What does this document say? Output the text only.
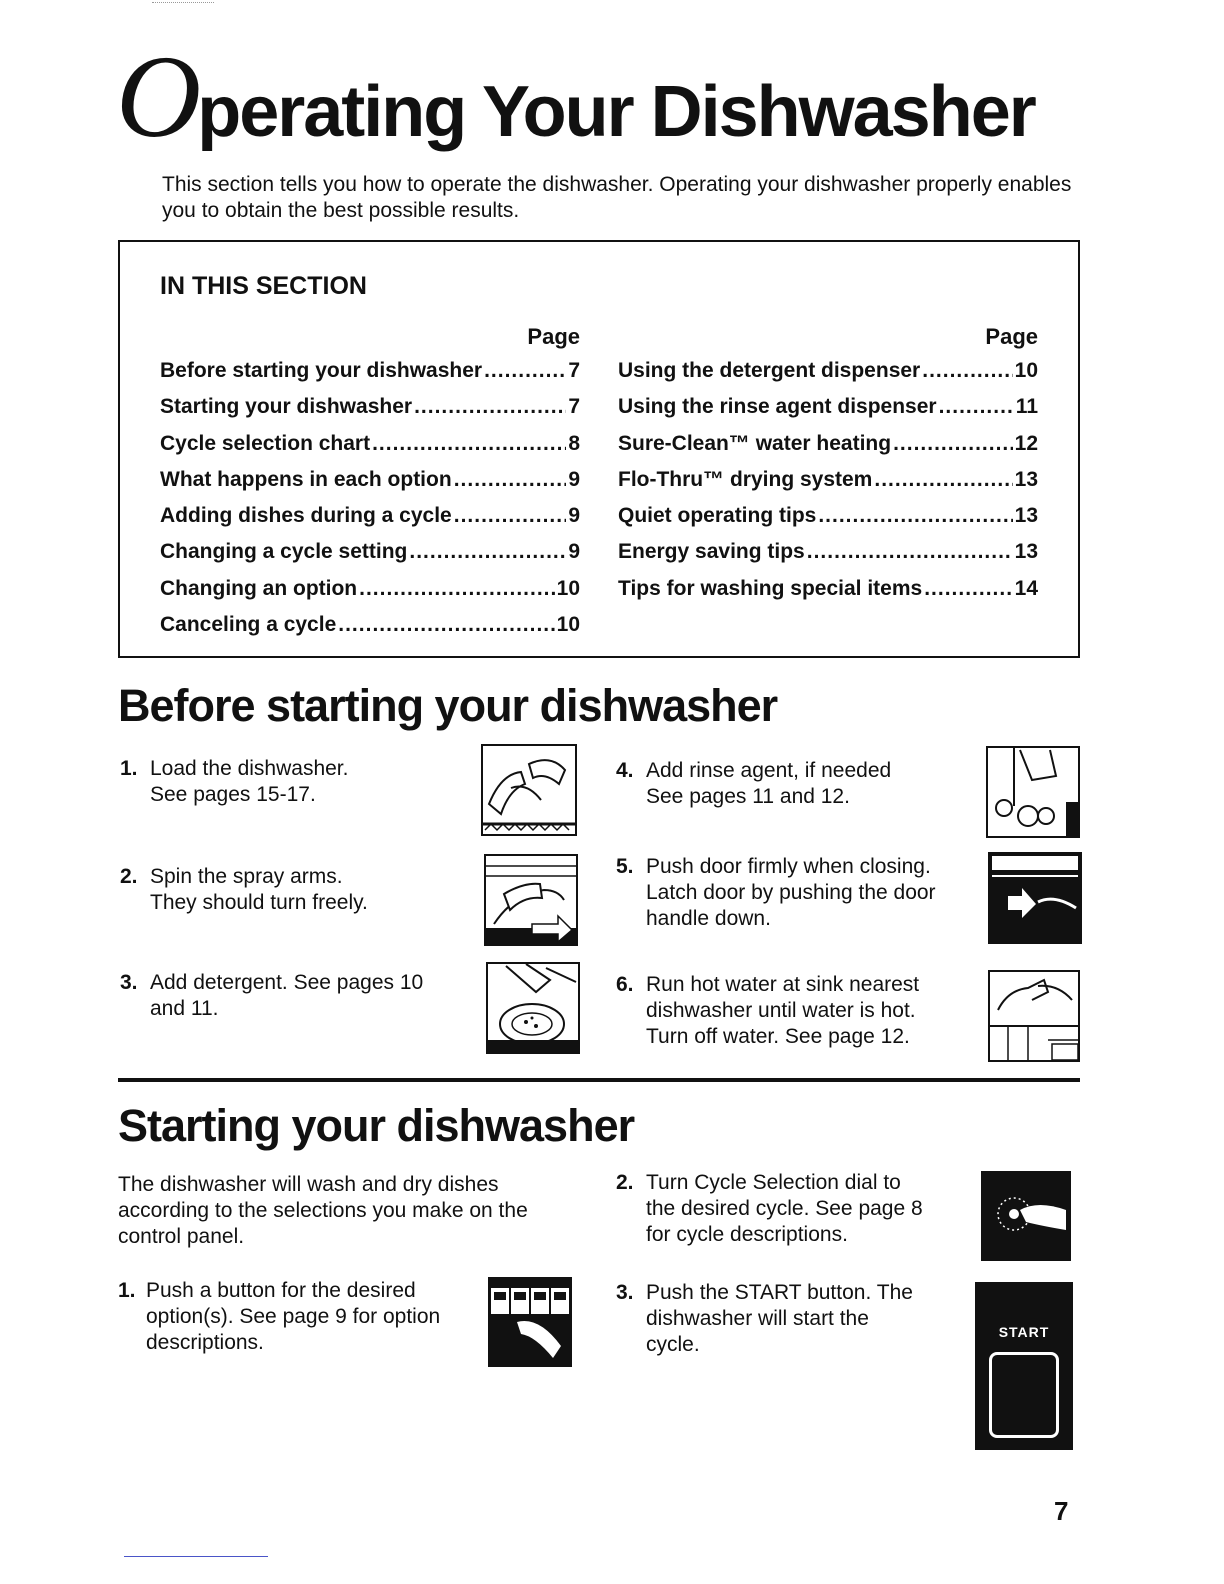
Operating Your Dishwasher
This section tells you how to operate the dishwasher. Operating your dishwasher properly enables you to obtain the best possible results.
IN THIS SECTION
Page
Before starting your dishwasher .....	7
Starting your dishwasher .....	7
Cycle selection chart .....	8
What happens in each option .....	9
Adding dishes during a cycle .....	9
Changing a cycle setting .....	9
Changing an option .....	10
Canceling a cycle .....	10
Page
Using the detergent dispenser .....	10
Using the rinse agent dispenser .....	11
Sure-Clean™ water heating .....	12
Flo-Thru™ drying system .....	13
Quiet operating tips .....	13
Energy saving tips .....	13
Tips for washing special items .....	14
Before starting your dishwasher
1. Load the dishwasher.
See pages 15-17.
2. Spin the spray arms.
They should turn freely.
3. Add detergent. See pages 10
and 11.
4. Add rinse agent, if needed
See pages 11 and 12.
5. Push door firmly when closing.
Latch door by pushing the door
handle down.
6. Run hot water at sink nearest
dishwasher until water is hot.
Turn off water. See page 12.
Starting your dishwasher
The dishwasher will wash and dry dishes
according to the selections you make on the
control panel.
1. Push a button for the desired
option(s). See page 9 for option
descriptions.
2. Turn Cycle Selection dial to
the desired cycle. See page 8
for cycle descriptions.
3. Push the START button. The
dishwasher will start the
cycle.
START
7
